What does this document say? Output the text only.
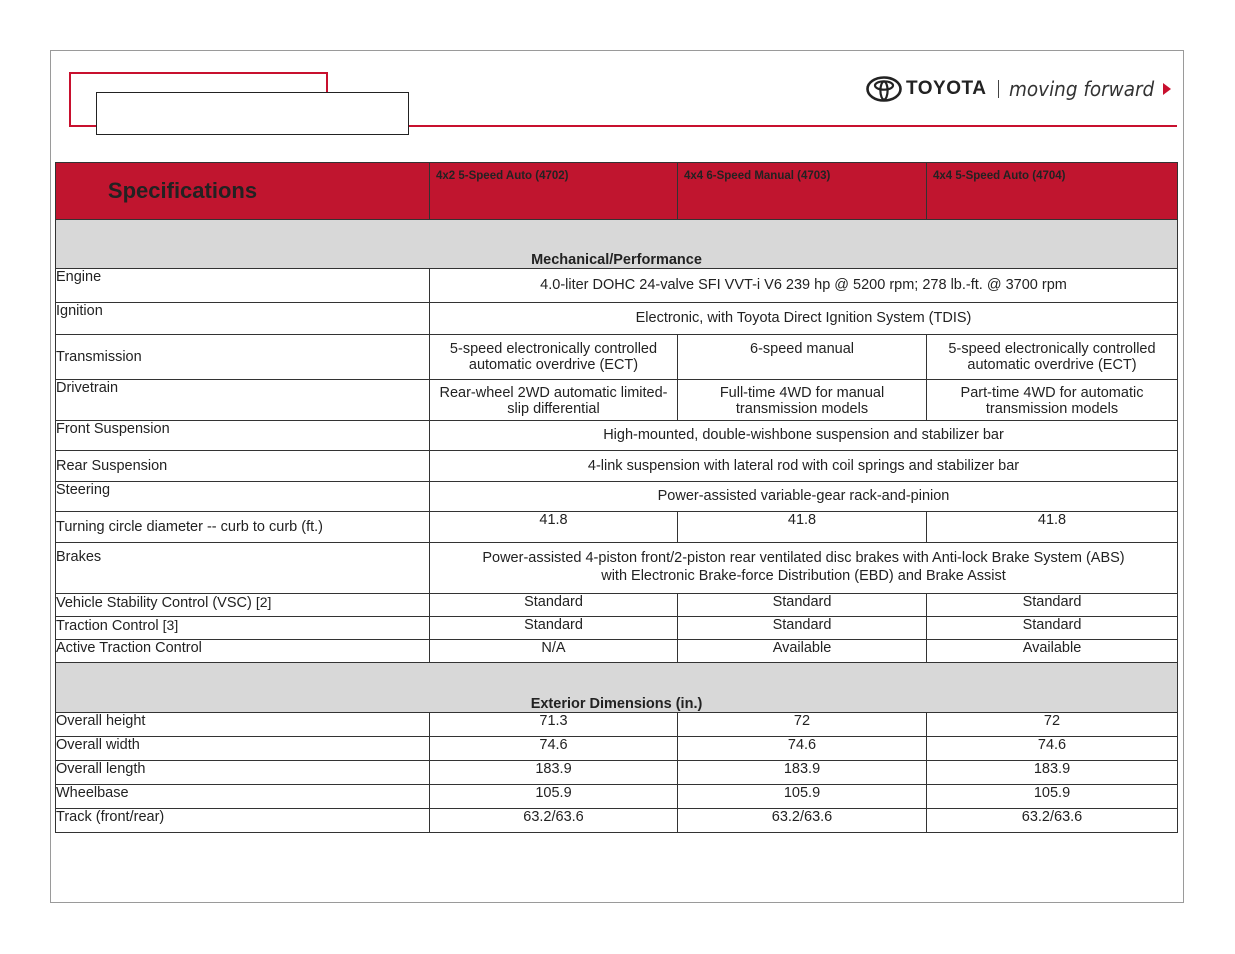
TOYOTA moving forward
Specifications	4x2 5-Speed Auto (4702)	4x4 6-Speed Manual (4703)	4x4 5-Speed Auto (4704)
Mechanical/Performance			
Engine	4.0-liter DOHC 24-valve SFI VVT-i V6 239 hp @ 5200 rpm; 278 lb.-ft. @ 3700 rpm		
Ignition	Electronic, with Toyota Direct Ignition System (TDIS)		
Transmission	5-speed electronically controlled automatic overdrive (ECT)	6-speed manual	5-speed electronically controlled automatic overdrive (ECT)
Drivetrain	Rear-wheel 2WD automatic limited-slip differential	Full-time 4WD for manual transmission models	Part-time 4WD for automatic transmission models
Front Suspension	High-mounted, double-wishbone suspension and stabilizer bar		
Rear Suspension	4-link suspension with lateral rod with coil springs and stabilizer bar		
Steering	Power-assisted variable-gear rack-and-pinion		
Turning circle diameter -- curb to curb (ft.)	41.8	41.8	41.8
Brakes	Power-assisted 4-piston front/2-piston rear ventilated disc brakes with Anti-lock Brake System (ABS) with Electronic Brake-force Distribution (EBD) and Brake Assist		
Vehicle Stability Control (VSC) [2]	Standard	Standard	Standard
Traction Control [3]	Standard	Standard	Standard
Active Traction Control	N/A	Available	Available
Exterior Dimensions (in.)			
Overall height	71.3	72	72
Overall width	74.6	74.6	74.6
Overall length	183.9	183.9	183.9
Wheelbase	105.9	105.9	105.9
Track (front/rear)	63.2/63.6	63.2/63.6	63.2/63.6
